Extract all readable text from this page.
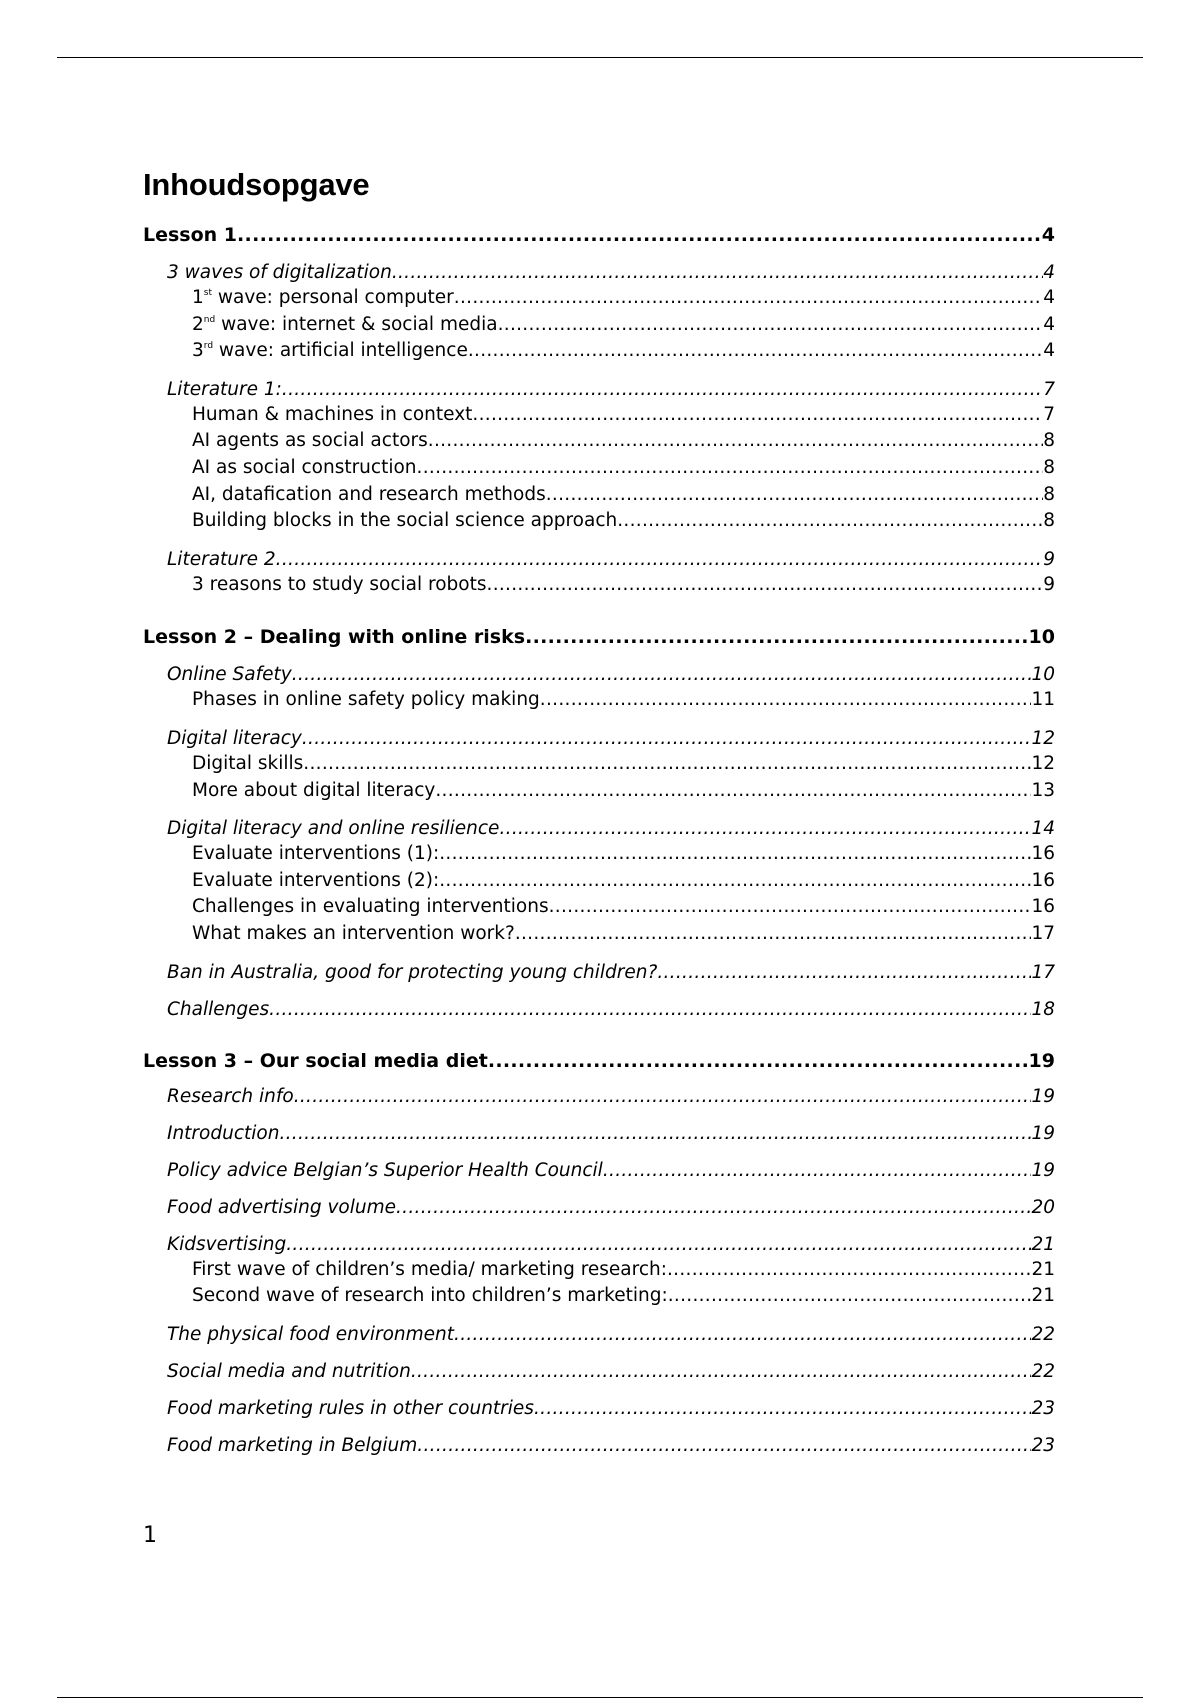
Inhoudsopgave
Lesson 1 .....	4
3 waves of digitalization .....	4
1st wave: personal computer .....	4
2nd wave: internet & social media .....	4
3rd wave: artificial intelligence .....	4
Literature 1: .....	7
Human & machines in context .....	7
AI agents as social actors .....	8
AI as social construction .....	8
AI, datafication and research methods .....	8
Building blocks in the social science approach .....	8
Literature 2 .....	9
3 reasons to study social robots .....	9
Lesson 2 – Dealing with online risks .....	10
Online Safety .....	10
Phases in online safety policy making .....	11
Digital literacy .....	12
Digital skills .....	12
More about digital literacy .....	13
Digital literacy and online resilience .....	14
Evaluate interventions (1): .....	16
Evaluate interventions (2): .....	16
Challenges in evaluating interventions .....	16
What makes an intervention work? .....	17
Ban in Australia, good for protecting young children? .....	17
Challenges .....	18
Lesson 3 – Our social media diet .....	19
Research info .....	19
Introduction .....	19
Policy advice Belgian’s Superior Health Council .....	19
Food advertising volume .....	20
Kidsvertising .....	21
First wave of children’s media/ marketing research: .....	21
Second wave of research into children’s marketing: .....	21
The physical food environment .....	22
Social media and nutrition .....	22
Food marketing rules in other countries .....	23
Food marketing in Belgium .....	23
1
